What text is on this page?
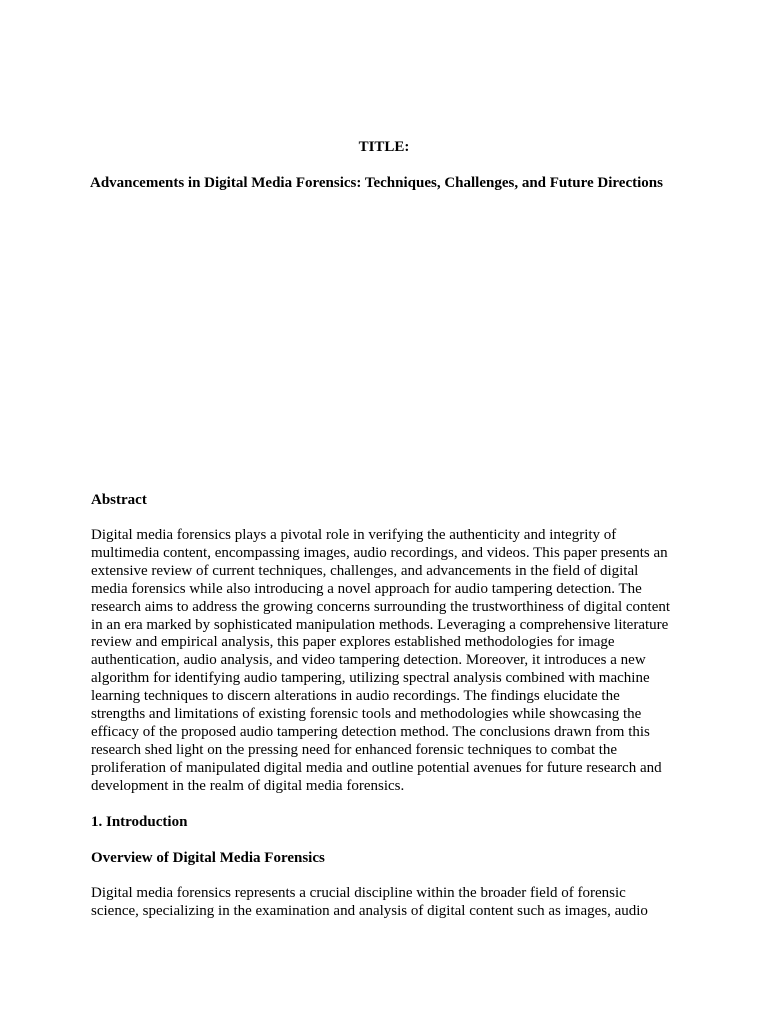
TITLE:

Advancements in Digital Media Forensics: Techniques, Challenges, and Future Directions

Abstract

Digital media forensics plays a pivotal role in verifying the authenticity and integrity of
multimedia content, encompassing images, audio recordings, and videos. This paper presents an
extensive review of current techniques, challenges, and advancements in the field of digital
media forensics while also introducing a novel approach for audio tampering detection. The
research aims to address the growing concerns surrounding the trustworthiness of digital content
in an era marked by sophisticated manipulation methods. Leveraging a comprehensive literature
review and empirical analysis, this paper explores established methodologies for image
authentication, audio analysis, and video tampering detection. Moreover, it introduces a new
algorithm for identifying audio tampering, utilizing spectral analysis combined with machine
learning techniques to discern alterations in audio recordings. The findings elucidate the
strengths and limitations of existing forensic tools and methodologies while showcasing the
efficacy of the proposed audio tampering detection method. The conclusions drawn from this
research shed light on the pressing need for enhanced forensic techniques to combat the
proliferation of manipulated digital media and outline potential avenues for future research and
development in the realm of digital media forensics.

1. Introduction

Overview of Digital Media Forensics

Digital media forensics represents a crucial discipline within the broader field of forensic
science, specializing in the examination and analysis of digital content such as images, audio
